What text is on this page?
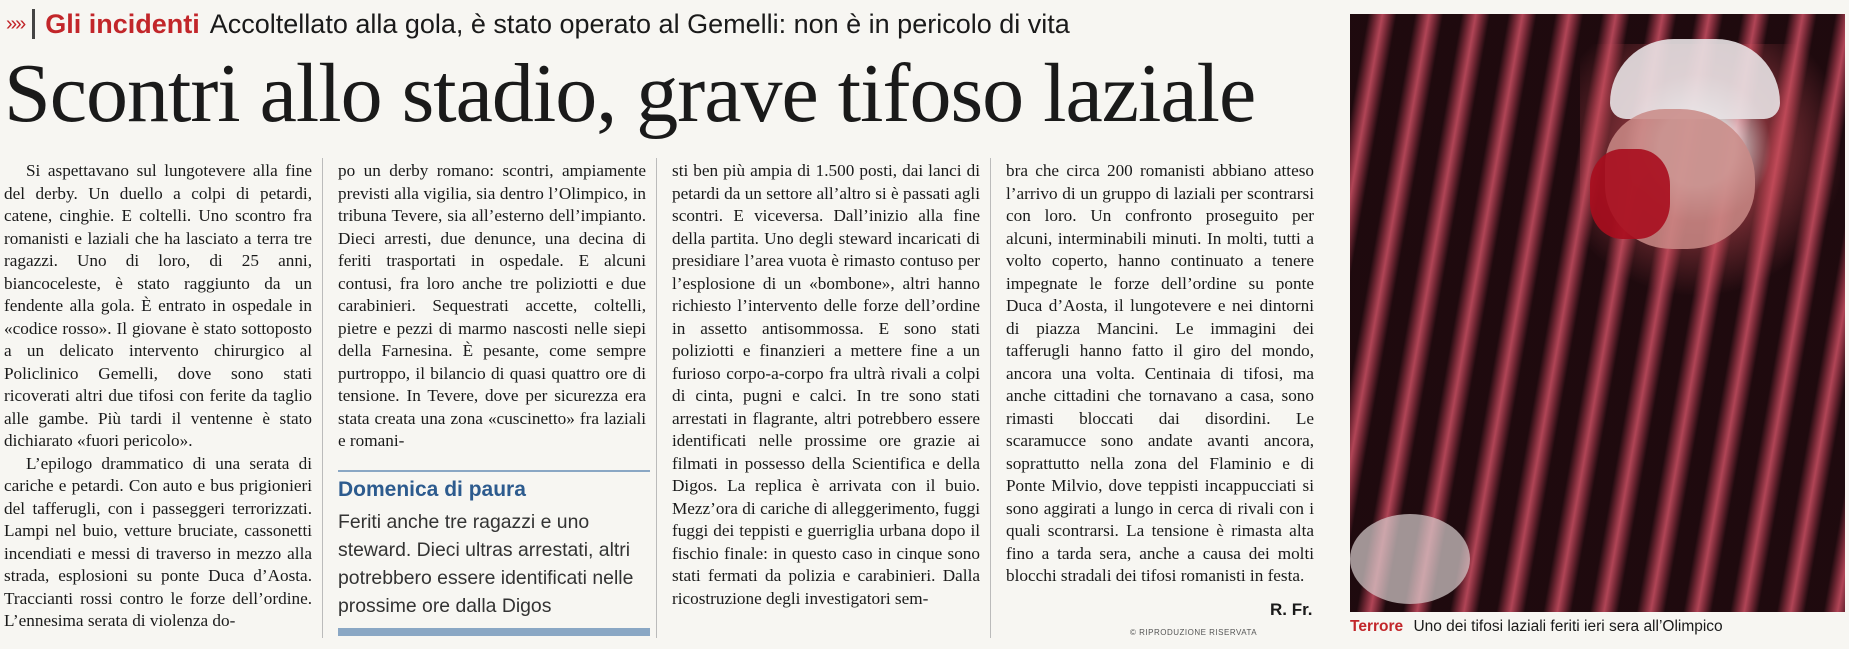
»» Gli incidenti Accoltellato alla gola, è stato operato al Gemelli: non è in pericolo di vita
Scontri allo stadio, grave tifoso laziale

Si aspettavano sul lungotevere alla fine del derby. Un duello a colpi di petardi, catene, cinghie. E coltelli. Uno scontro fra romanisti e laziali che ha lasciato a terra tre ragazzi. Uno di loro, di 25 anni, biancoceleste, è stato raggiunto da un fendente alla gola. È entrato in ospedale in «codice rosso». Il giovane è stato sottoposto a un delicato intervento chirurgico al Policlinico Gemelli, dove sono stati ricoverati altri due tifosi con ferite da taglio alle gambe. Più tardi il ventenne è stato dichiarato «fuori pericolo».

L’epilogo drammatico di una serata di cariche e petardi. Con auto e bus prigionieri del tafferugli, con i passeggeri terrorizzati. Lampi nel buio, vetture bruciate, cassonetti incendiati e messi di traverso in mezzo alla strada, esplosioni su ponte Duca d’Aosta. Traccianti rossi contro le forze dell’ordine. L’ennesima serata di violenza do-

po un derby romano: scontri, ampiamente previsti alla vigilia, sia dentro l’Olimpico, in tribuna Tevere, sia all’esterno dell’impianto. Dieci arresti, due denunce, una decina di feriti trasportati in ospedale. E alcuni contusi, fra loro anche tre poliziotti e due carabinieri. Sequestrati accette, coltelli, pietre e pezzi di marmo nascosti nelle siepi della Farnesina. È pesante, come sempre purtroppo, il bilancio di quasi quattro ore di tensione. In Tevere, dove per sicurezza era stata creata una zona «cuscinetto» fra laziali e romani-

Domenica di paura
Feriti anche tre ragazzi e uno steward. Dieci ultras arrestati, altri potrebbero essere identificati nelle prossime ore dalla Digos

sti ben più ampia di 1.500 posti, dai lanci di petardi da un settore all’altro si è passati agli scontri. E viceversa. Dall’inizio alla fine della partita. Uno degli steward incaricati di presidiare l’area vuota è rimasto contuso per l’esplosione di un «bombone», altri hanno richiesto l’intervento delle forze dell’ordine in assetto antisommossa. E sono stati poliziotti e finanzieri a mettere fine a un furioso corpo-a-corpo fra ultrà rivali a colpi di cinta, pugni e calci. In tre sono stati arrestati in flagrante, altri potrebbero essere identificati nelle prossime ore grazie ai filmati in possesso della Scientifica e della Digos. La replica è arrivata con il buio. Mezz’ora di cariche di alleggerimento, fuggi fuggi dei teppisti e guerriglia urbana dopo il fischio finale: in questo caso in cinque sono stati fermati da polizia e carabinieri. Dalla ricostruzione degli investigatori sem-

bra che circa 200 romanisti abbiano atteso l’arrivo di un gruppo di laziali per scontrarsi con loro. Un confronto proseguito per alcuni, interminabili minuti. In molti, tutti a volto coperto, hanno continuato a tenere impegnate le forze dell’ordine su ponte Duca d’Aosta, il lungotevere e nei dintorni di piazza Mancini. Le immagini dei tafferugli hanno fatto il giro del mondo, ancora una volta. Centinaia di tifosi, ma anche cittadini che tornavano a casa, sono rimasti bloccati dai disordini. Le scaramucce sono andate avanti ancora, soprattutto nella zona del Flaminio e di Ponte Milvio, dove teppisti incappucciati si sono aggirati a lungo in cerca di rivali con i quali scontrarsi. La tensione è rimasta alta fino a tarda sera, anche a causa dei molti blocchi stradali dei tifosi romanisti in festa.

R. Fr.
© RIPRODUZIONE RISERVATA	Terrore Uno dei tifosi laziali feriti ieri sera all’Olimpico
